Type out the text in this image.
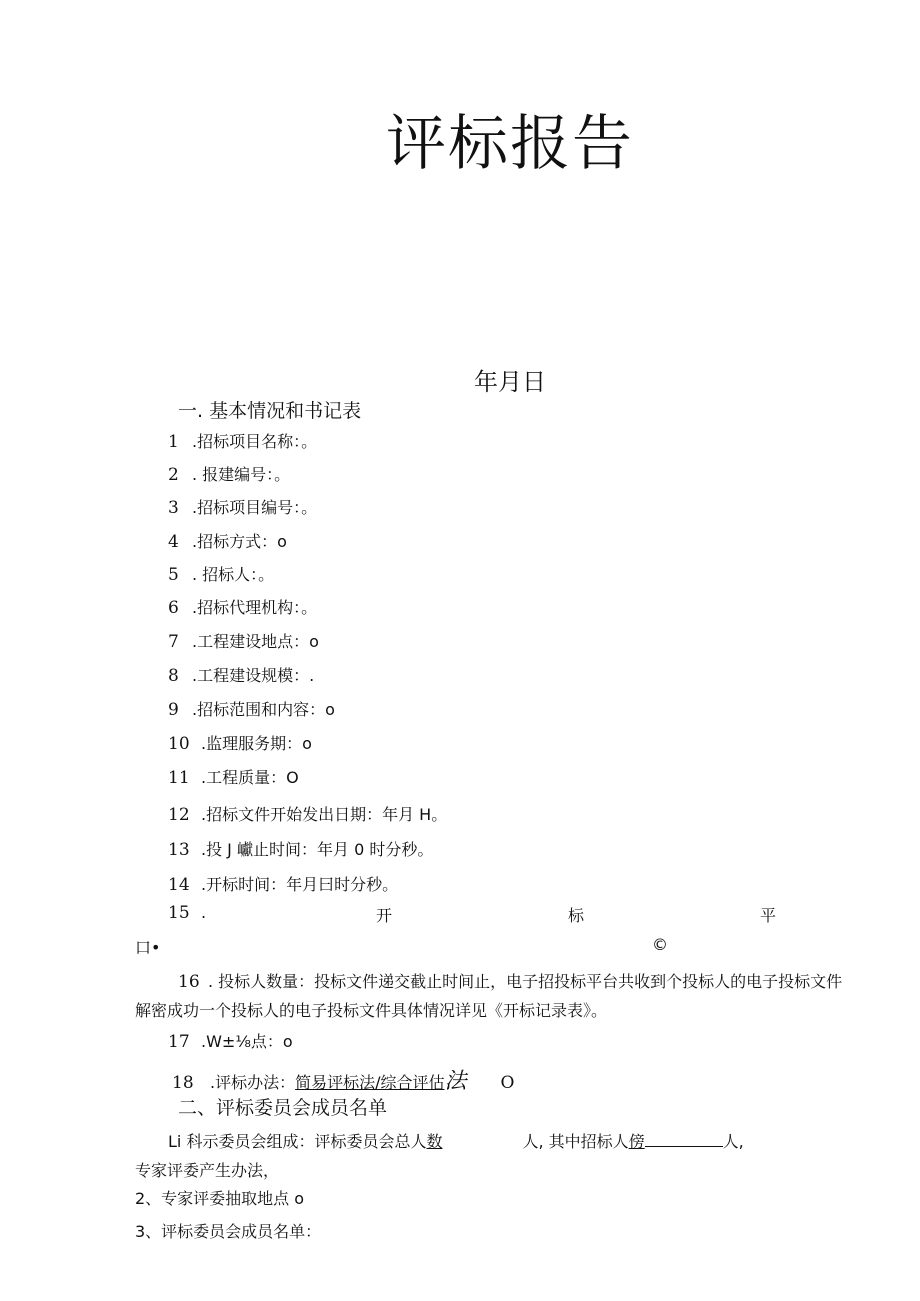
评标报告
年月日
一. 基本情况和书记表
1 .招标项目名称：。
2 . 报建编号：。
3 .招标项目编号：。
4 .招标方式：o
5 . 招标人：。
6 .招标代理机构：。
7 .工程建设地点：o
8 .工程建设规模：.
9 .招标范围和内容：o
10 .监理服务期：o
11 .工程质量：O
12 .招标文件开始发出日期：年月 H。
13 .投 J 巘止时间：年月 0 时分秒。
14 .开标时间：年月曰时分秒。
15 .	开	标	平
口•	©
16 . 投标人数量：投标文件递交截止时间止，电子招投标平台共收到个投标人的电子投标文件
解密成功一个投标人的电子投标文件具体情况详见《开标记录表》。
17 .W±⅛点：o
18 .评标办法：简易评标法/综合评估法 O
二、评标委员会成员名单
Li 科示委员会组成：评标委员会总人数	人, 其中招标人傍	人,
专家评委产生办法，
2、专家评委抽取地点 o
3、评标委员会成员名单：
